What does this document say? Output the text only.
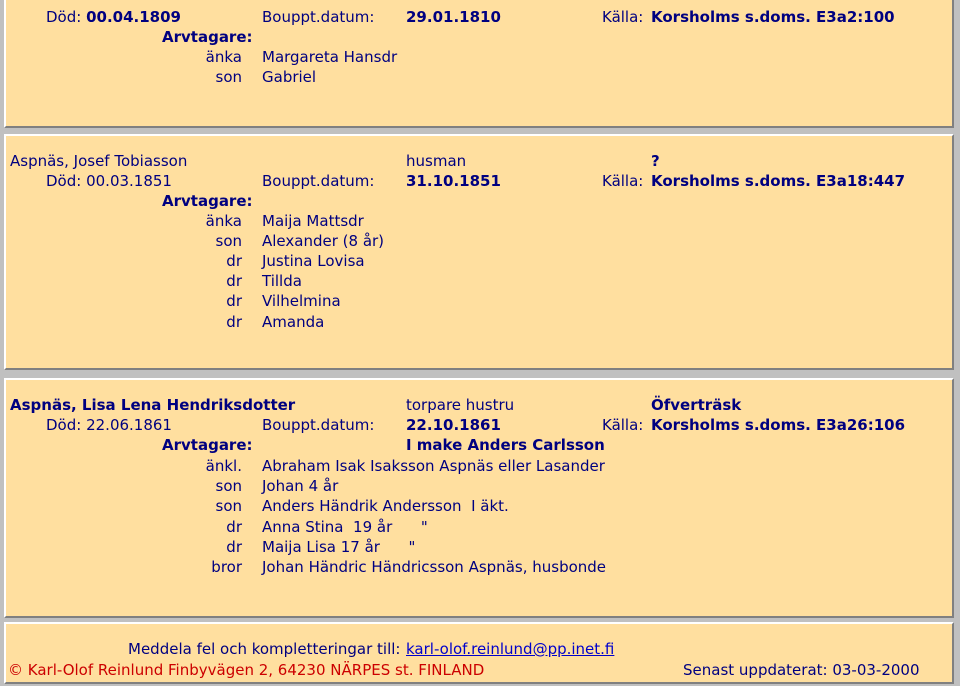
Död: 00.04.1809	Bouppt.datum: 29.01.1810	Källa: Korsholms s.doms. E3a2:100
Arvtagare:
änka Margareta Hansdr
son Gabriel
Aspnäs, Josef Tobiasson	husman	?
Död: 00.03.1851	Bouppt.datum: 31.10.1851	Källa: Korsholms s.doms. E3a18:447
Arvtagare:
änka Maija Mattsdr
son Alexander (8 år)
dr Justina Lovisa
dr Tillda
dr Vilhelmina
dr Amanda
Aspnäs, Lisa Lena Hendriksdotter	torpare hustru	Öfverträsk
Död: 22.06.1861	Bouppt.datum: 22.10.1861	Källa: Korsholms s.doms. E3a26:106
Arvtagare:	I make Anders Carlsson
änkl. Abraham Isak Isaksson Aspnäs eller Lasander
son Johan 4 år
son Anders Händrik Andersson  I äkt.
dr Anna Stina  19 år      "
dr Maija Lisa 17 år      "
bror Johan Händric Händricsson Aspnäs, husbonde
Meddela fel och kompletteringar till: karl-olof.reinlund@pp.inet.fi
© Karl-Olof Reinlund Finbyvägen 2, 64230 NÄRPES st. FINLAND	Senast uppdaterat: 03-03-2000
